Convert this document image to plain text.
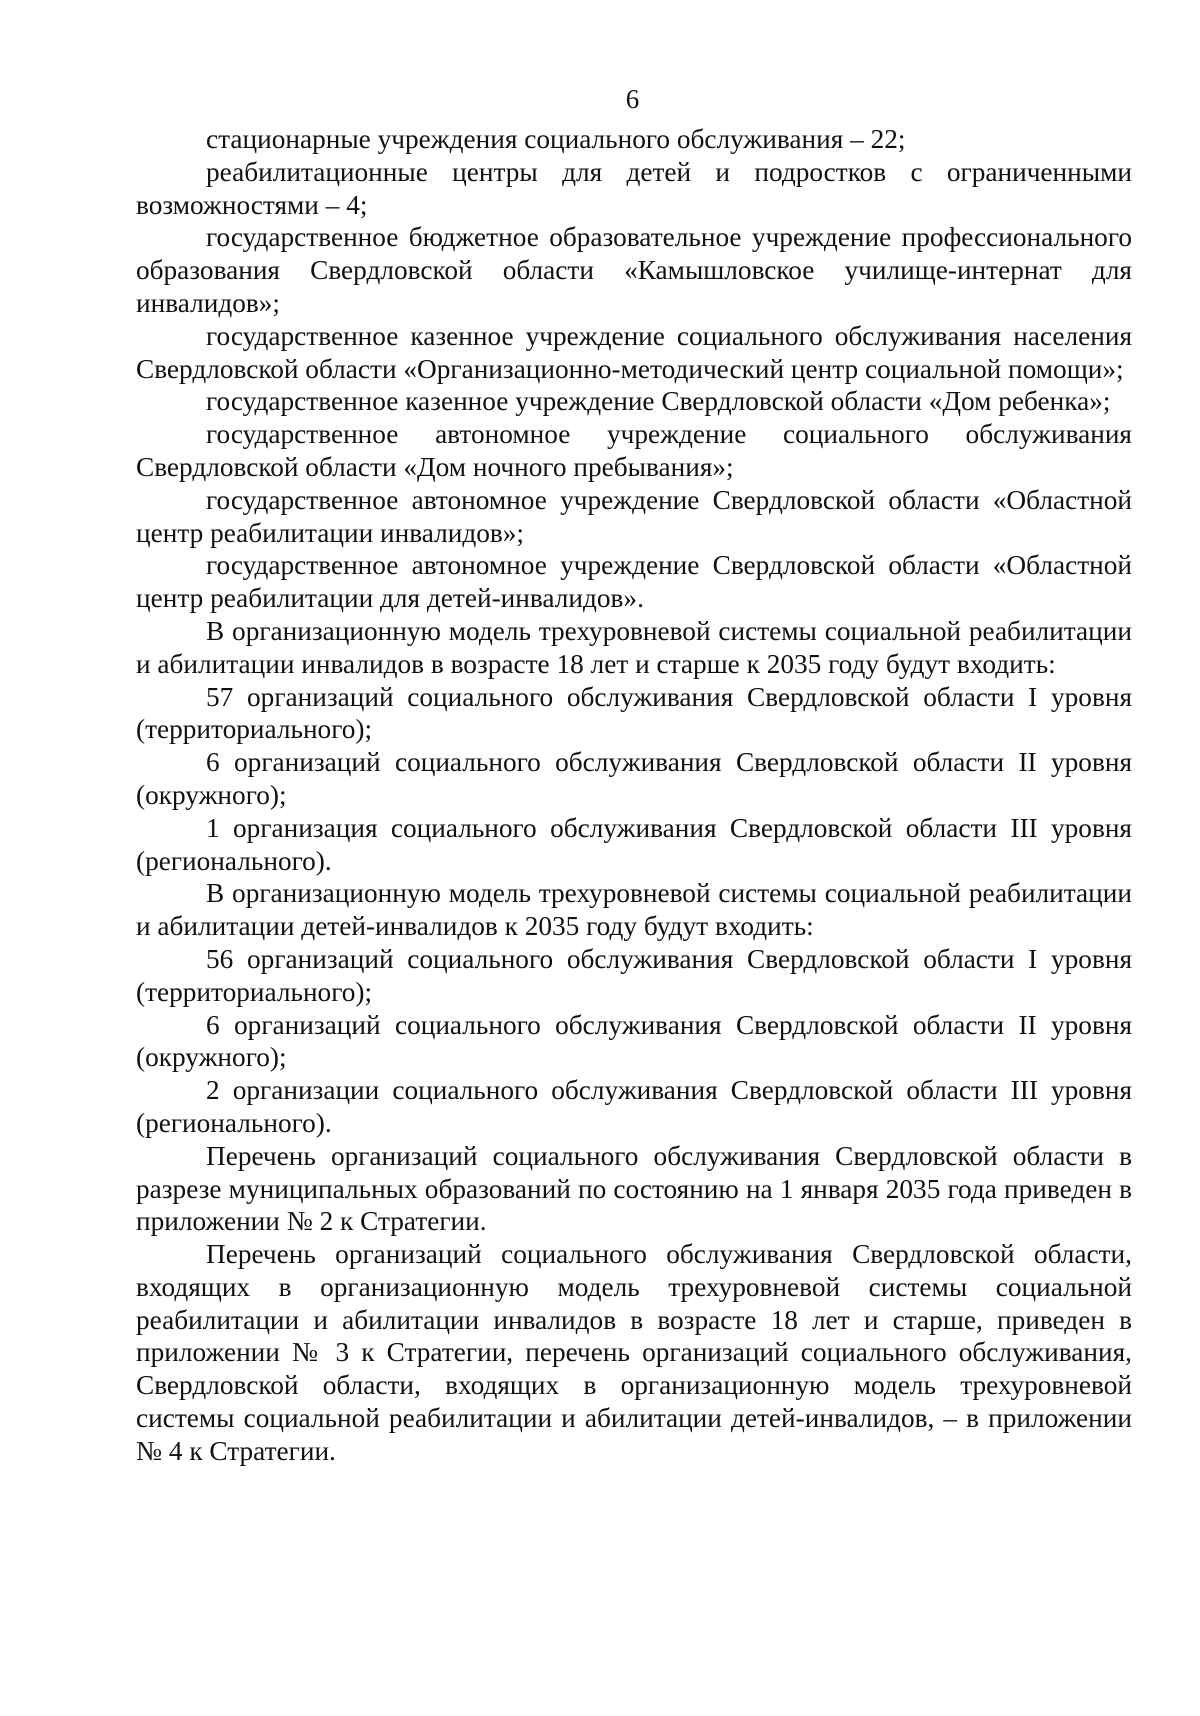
6

стационарные учреждения социального обслуживания – 22;

реабилитационные центры для детей и подростков с ограниченными возможностями – 4;

государственное бюджетное образовательное учреждение профессионального образования Свердловской области «Камышловское училище-интернат для инвалидов»;

государственное казенное учреждение социального обслуживания населения Свердловской области «Организационно-методический центр социальной помощи»;

государственное казенное учреждение Свердловской области «Дом ребенка»;

государственное автономное учреждение социального обслуживания Свердловской области «Дом ночного пребывания»;

государственное автономное учреждение Свердловской области «Областной центр реабилитации инвалидов»;

государственное автономное учреждение Свердловской области «Областной центр реабилитации для детей-инвалидов».

В организационную модель трехуровневой системы социальной реабилитации и абилитации инвалидов в возрасте 18 лет и старше к 2035 году будут входить:

57 организаций социального обслуживания Свердловской области I уровня (территориального);

6 организаций социального обслуживания Свердловской области II уровня (окружного);

1 организация социального обслуживания Свердловской области III уровня (регионального).

В организационную модель трехуровневой системы социальной реабилитации и абилитации детей-инвалидов к 2035 году будут входить:

56 организаций социального обслуживания Свердловской области I уровня (территориального);

6 организаций социального обслуживания Свердловской области II уровня (окружного);

2 организации социального обслуживания Свердловской области III уровня (регионального).

Перечень организаций социального обслуживания Свердловской области в разрезе муниципальных образований по состоянию на 1 января 2035 года приведен в приложении № 2 к Стратегии.

Перечень организаций социального обслуживания Свердловской области, входящих в организационную модель трехуровневой системы социальной реабилитации и абилитации инвалидов в возрасте 18 лет и старше, приведен в приложении № 3 к Стратегии, перечень организаций социального обслуживания, Свердловской области, входящих в организационную модель трехуровневой системы социальной реабилитации и абилитации детей-инвалидов, – в приложении № 4 к Стратегии.
